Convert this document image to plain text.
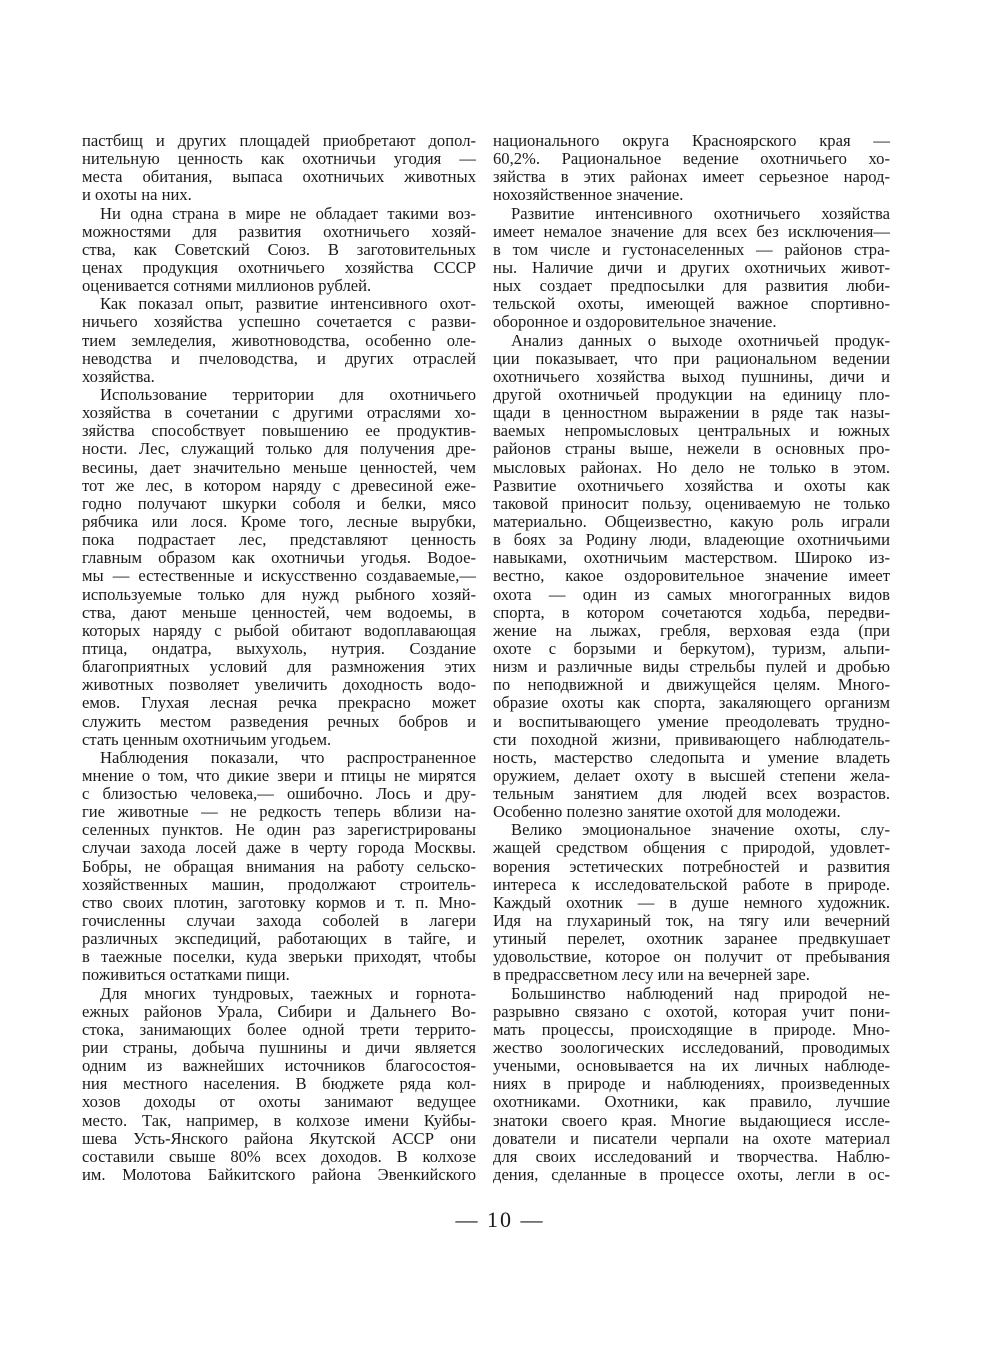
пастбищ и других площадей приобретают допол-
нительную ценность как охотничьи угодия —
места обитания, выпаса охотничьих животных
и охоты на них.
Ни одна страна в мире не обладает такими воз-
можностями для развития охотничьего хозяй-
ства, как Советский Союз. В заготовительных
ценах продукция охотничьего хозяйства СССР
оценивается сотнями миллионов рублей.
Как показал опыт, развитие интенсивного охот-
ничьего хозяйства успешно сочетается с разви-
тием земледелия, животноводства, особенно оле-
неводства и пчеловодства, и других отраслей
хозяйства.
Использование территории для охотничьего
хозяйства в сочетании с другими отраслями хо-
зяйства способствует повышению ее продуктив-
ности. Лес, служащий только для получения дре-
весины, дает значительно меньше ценностей, чем
тот же лес, в котором наряду с древесиной еже-
годно получают шкурки соболя и белки, мясо
рябчика или лося. Кроме того, лесные вырубки,
пока подрастает лес, представляют ценность
главным образом как охотничьи угодья. Водое-
мы — естественные и искусственно создаваемые,—
используемые только для нужд рыбного хозяй-
ства, дают меньше ценностей, чем водоемы, в
которых наряду с рыбой обитают водоплавающая
птица, ондатра, выхухоль, нутрия. Создание
благоприятных условий для размножения этих
животных позволяет увеличить доходность водо-
емов. Глухая лесная речка прекрасно может
служить местом разведения речных бобров и
стать ценным охотничьим угодьем.
Наблюдения показали, что распространенное
мнение о том, что дикие звери и птицы не мирятся
с близостью человека,— ошибочно. Лось и дру-
гие животные — не редкость теперь вблизи на-
селенных пунктов. Не один раз зарегистрированы
случаи захода лосей даже в черту города Москвы.
Бобры, не обращая внимания на работу сельско-
хозяйственных машин, продолжают строитель-
ство своих плотин, заготовку кормов и т. п. Мно-
гочисленны случаи захода соболей в лагери
различных экспедиций, работающих в тайге, и
в таежные поселки, куда зверьки приходят, чтобы
поживиться остатками пищи.
Для многих тундровых, таежных и горнота-
ежных районов Урала, Сибири и Дальнего Во-
стока, занимающих более одной трети террито-
рии страны, добыча пушнины и дичи является
одним из важнейших источников благосостоя-
ния местного населения. В бюджете ряда кол-
хозов доходы от охоты занимают ведущее
место. Так, например, в колхозе имени Куйбы-
шева Усть-Янского района Якутской АССР они
составили свыше 80% всех доходов. В колхозе
им. Молотова Байкитского района Эвенкийского
национального округа Красноярского края —
60,2%. Рациональное ведение охотничьего хо-
зяйства в этих районах имеет серьезное народ-
нохозяйственное значение.
Развитие интенсивного охотничьего хозяйства
имеет немалое значение для всех без исключения—
в том числе и густонаселенных — районов стра-
ны. Наличие дичи и других охотничьих живот-
ных создает предпосылки для развития люби-
тельской охоты, имеющей важное спортивно-
оборонное и оздоровительное значение.
Анализ данных о выходе охотничьей продук-
ции показывает, что при рациональном ведении
охотничьего хозяйства выход пушнины, дичи и
другой охотничьей продукции на единицу пло-
щади в ценностном выражении в ряде так назы-
ваемых непромысловых центральных и южных
районов страны выше, нежели в основных про-
мысловых районах. Но дело не только в этом.
Развитие охотничьего хозяйства и охоты как
таковой приносит пользу, оцениваемую не только
материально. Общеизвестно, какую роль играли
в боях за Родину люди, владеющие охотничьими
навыками, охотничьим мастерством. Широко из-
вестно, какое оздоровительное значение имеет
охота — один из самых многогранных видов
спорта, в котором сочетаются ходьба, передви-
жение на лыжах, гребля, верховая езда (при
охоте с борзыми и беркутом), туризм, альпи-
низм и различные виды стрельбы пулей и дробью
по неподвижной и движущейся целям. Много-
образие охоты как спорта, закаляющего организм
и воспитывающего умение преодолевать трудно-
сти походной жизни, прививающего наблюдатель-
ность, мастерство следопыта и умение владеть
оружием, делает охоту в высшей степени жела-
тельным занятием для людей всех возрастов.
Особенно полезно занятие охотой для молодежи.
Велико эмоциональное значение охоты, слу-
жащей средством общения с природой, удовлет-
ворения эстетических потребностей и развития
интереса к исследовательской работе в природе.
Каждый охотник — в душе немного художник.
Идя на глухариный ток, на тягу или вечерний
утиный перелет, охотник заранее предвкушает
удовольствие, которое он получит от пребывания
в предрассветном лесу или на вечерней заре.
Большинство наблюдений над природой не-
разрывно связано с охотой, которая учит пони-
мать процессы, происходящие в природе. Мно-
жество зоологических исследований, проводимых
учеными, основывается на их личных наблюде-
ниях в природе и наблюдениях, произведенных
охотниками. Охотники, как правило, лучшие
знатоки своего края. Многие выдающиеся иссле-
дователи и писатели черпали на охоте материал
для своих исследований и творчества. Наблю-
дения, сделанные в процессе охоты, легли в ос-
— 10 —
